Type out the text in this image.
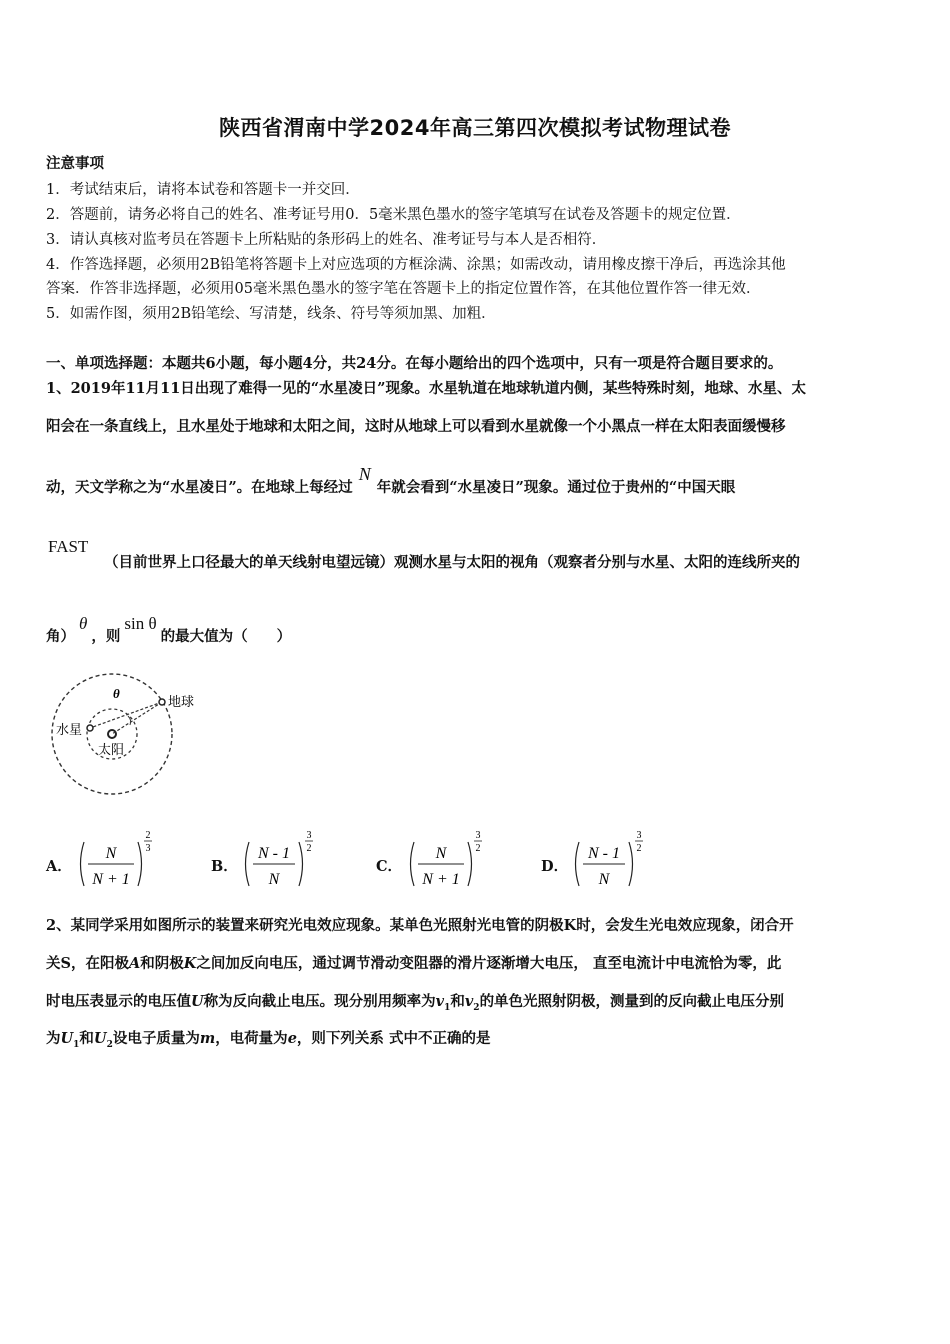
陕西省渭南中学2024年高三第四次模拟考试物理试卷
注意事项
1．考试结束后，请将本试卷和答题卡一并交回．
2．答题前，请务必将自己的姓名、准考证号用0．5毫米黑色墨水的签字笔填写在试卷及答题卡的规定位置．
3．请认真核对监考员在答题卡上所粘贴的条形码上的姓名、准考证号与本人是否相符．
4．作答选择题，必须用2B铅笔将答题卡上对应选项的方框涂满、涂黑；如需改动，请用橡皮擦干净后，再选涂其他
答案．作答非选择题，必须用05毫米黑色墨水的签字笔在答题卡上的指定位置作答，在其他位置作答一律无效．
5．如需作图，须用2B铅笔绘、写清楚，线条、符号等须加黑、加粗．
一、单项选择题：本题共6小题，每小题4分，共24分。在每小题给出的四个选项中，只有一项是符合题目要求的。
1、2019年11月11日出现了难得一见的“水星凌日”现象。水星轨道在地球轨道内侧，某些特殊时刻，地球、水星、太
阳会在一条直线上，且水星处于地球和太阳之间，这时从地球上可以看到水星就像一个小黑点一样在太阳表面缓慢移
动，天文学称之为“水星凌日”。在地球上每经过N年就会看到“水星凌日”现象。通过位于贵州的“中国天眼
FAST
（目前世界上口径最大的单天线射电望远镜）观测水星与太阳的视角（观察者分别与水星、太阳的连线所夹的
角）θ，则sin θ的最大值为（　　）
θ
地球
水星
太阳
A．
N
N + 1
2
3
B．
N - 1
N
3
2
C．
N
N + 1
3
2
D．
N - 1
N
3
2
2、某同学采用如图所示的装置来研究光电效应现象。某单色光照射光电管的阴极K时，会发生光电效应现象，闭合开
关S，在阳极A和阴极K之间加反向电压，通过调节滑动变阻器的滑片逐渐增大电压， 直至电流计中电流恰为零，此
时电压表显示的电压值U称为反向截止电压。现分别用频率为$v_1$和$v_2$的单色光照射阴极，测量到的反向截止电压分别
为$U_1$和$U_2$设电子质量为m，电荷量为e，则下列关系 式中不正确的是
